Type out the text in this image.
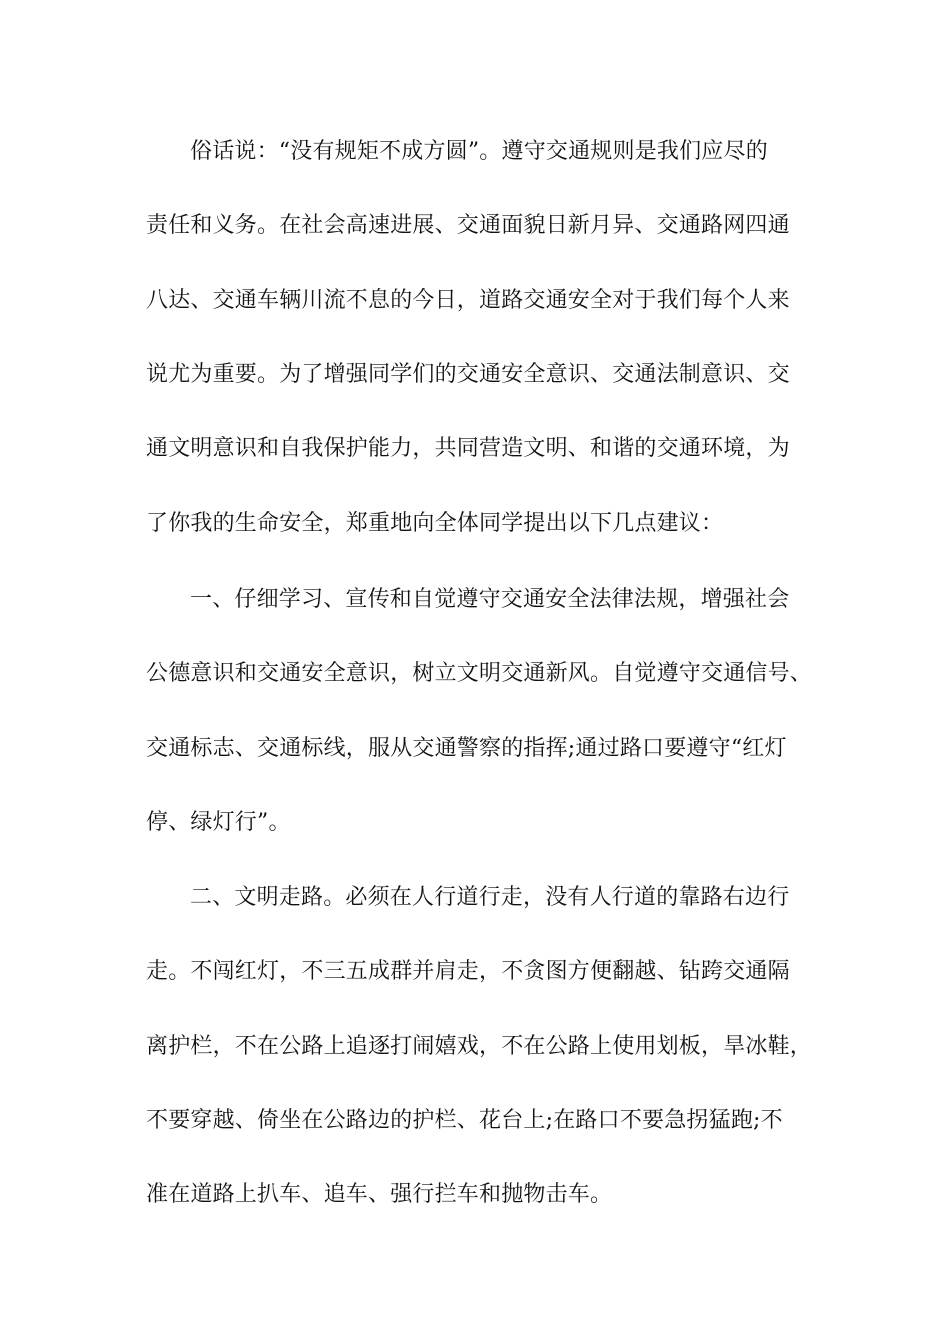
俗话说：“没有规矩不成方圆”。遵守交通规则是我们应尽的
责任和义务。在社会高速进展、交通面貌日新月异、交通路网四通
八达、交通车辆川流不息的今日，道路交通安全对于我们每个人来
说尤为重要。为了增强同学们的交通安全意识、交通法制意识、交
通文明意识和自我保护能力，共同营造文明、和谐的交通环境，为
了你我的生命安全，郑重地向全体同学提出以下几点建议：
一、仔细学习、宣传和自觉遵守交通安全法律法规，增强社会
公德意识和交通安全意识，树立文明交通新风。自觉遵守交通信号、
交通标志、交通标线，服从交通警察的指挥;通过路口要遵守“红灯
停、绿灯行”。
二、文明走路。必须在人行道行走，没有人行道的靠路右边行
走。不闯红灯，不三五成群并肩走，不贪图方便翻越、钻跨交通隔
离护栏，不在公路上追逐打闹嬉戏，不在公路上使用划板，旱冰鞋，
不要穿越、倚坐在公路边的护栏、花台上;在路口不要急拐猛跑;不
准在道路上扒车、追车、强行拦车和抛物击车。
